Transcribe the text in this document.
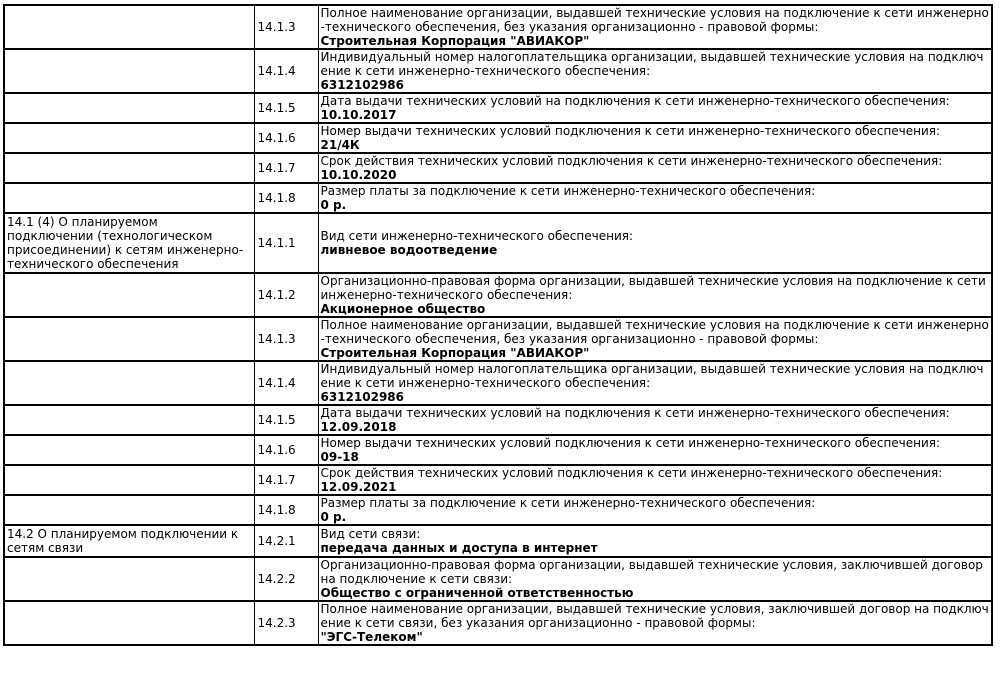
	14.1.3	Полное наименование организации, выдавшей технические условия на подключение к сети инженерно-технического обеспечения, без указания организационно - правовой формы:
Строительная Корпорация "АВИАКОР"

	14.1.4	Индивидуальный номер налогоплательщика организации, выдавшей технические условия на подключение к сети инженерно-технического обеспечения:
6312102986

	14.1.5	Дата выдачи технических условий на подключения к сети инженерно-технического обеспечения:
10.10.2017

	14.1.6	Номер выдачи технических условий подключения к сети инженерно-технического обеспечения:
21/4К

	14.1.7	Срок действия технических условий подключения к сети инженерно-технического обеспечения:
10.10.2020

	14.1.8	Размер платы за подключение к сети инженерно-технического обеспечения:
0 р.

14.1 (4) О планируемом подключении (технологическом присоединении) к сетям инженерно-технического обеспечения	14.1.1	Вид сети инженерно-технического обеспечения:
ливневое водоотведение

	14.1.2	Организационно-правовая форма организации, выдавшей технические условия на подключение к сети инженерно-технического обеспечения:
Акционерное общество

	14.1.3	Полное наименование организации, выдавшей технические условия на подключение к сети инженерно-технического обеспечения, без указания организационно - правовой формы:
Строительная Корпорация "АВИАКОР"

	14.1.4	Индивидуальный номер налогоплательщика организации, выдавшей технические условия на подключение к сети инженерно-технического обеспечения:
6312102986

	14.1.5	Дата выдачи технических условий на подключения к сети инженерно-технического обеспечения:
12.09.2018

	14.1.6	Номер выдачи технических условий подключения к сети инженерно-технического обеспечения:
09-18

	14.1.7	Срок действия технических условий подключения к сети инженерно-технического обеспечения:
12.09.2021

	14.1.8	Размер платы за подключение к сети инженерно-технического обеспечения:
0 р.

14.2 О планируемом подключении к сетям связи	14.2.1	Вид сети связи:
передача данных и доступа в интернет

	14.2.2	Организационно-правовая форма организации, выдавшей технические условия, заключившей договор на подключение к сети связи:
Общество с ограниченной ответственностью

	14.2.3	Полное наименование организации, выдавшей технические условия, заключившей договор на подключение к сети связи, без указания организационно - правовой формы:
"ЭГС-Телеком"
